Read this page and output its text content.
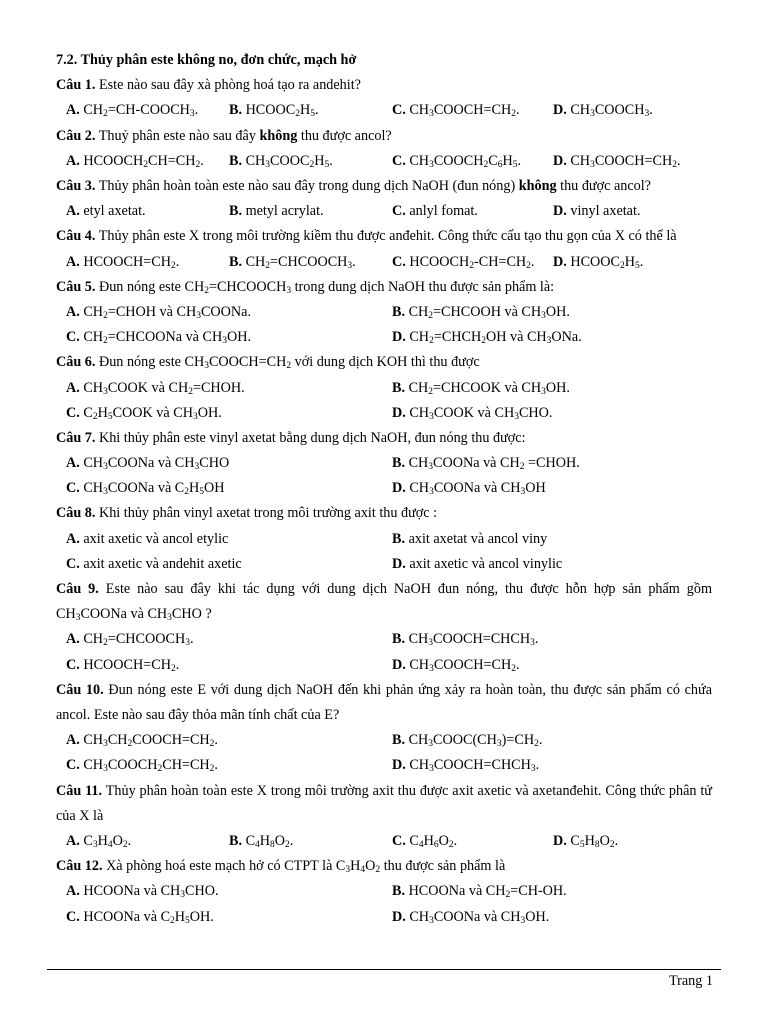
7.2. Thủy phân este không no, đơn chức, mạch hở
Câu 1. Este nào sau đây xà phòng hoá tạo ra andehit?
A. $CH_2=CH-COOCH_3$. B. $HCOOC_2H_5$.	C. $CH_3COOCH=CH_2$. D. $CH_3COOCH_3$.
Câu 2. Thuỷ phân este nào sau đây không thu được ancol?
A. $HCOOCH_2CH=CH_2$. B. $CH_3COOC_2H_5$.	C. $CH_3COOCH_2C_6H_5$. D. $CH_3COOCH=CH_2$.
Câu 3. Thủy phân hoàn toàn este nào sau đây trong dung dịch NaOH (đun nóng) không thu được ancol?
A. etyl axetat.	B. metyl acrylat.	C. anlyl fomat.	D. vinyl axetat.
Câu 4. Thủy phân este X trong môi trường kiềm thu được anđehit. Công thức cấu tạo thu gọn của X có thể là
A. $HCOOCH=CH_2$.	B. $CH_2=CHCOOCH_3$.	C. $HCOOCH_2-CH=CH_2$. D. $HCOOC_2H_5$.
Câu 5. Đun nóng este $CH_2=CHCOOCH_3$ trong dung dịch NaOH thu được sản phẩm là:
A. $CH_2=CHOH$ và $CH_3COONa$.	B. $CH_2=CHCOOH$ và $CH_3OH$.
C. $CH_2=CHCOONa$ và $CH_3OH$.	D. $CH_2=CHCH_2OH$ và $CH_3ONa$.
Câu 6. Đun nóng este $CH_3COOCH=CH_2$ với dung dịch KOH thì thu được
A. $CH_3COOK$ và $CH_2=CHOH$.	B. $CH_2=CHCOOK$ và $CH_3OH$.
C. $C_2H_5COOK$ và $CH_3OH$.	D. $CH_3COOK$ và $CH_3CHO$.
Câu 7. Khi thủy phân este vinyl axetat bằng dung dịch NaOH, đun nóng thu được:
A. $CH_3COONa$ và $CH_3CHO$	B. $CH_3COONa$ và $CH_2$ =CHOH.
C. $CH_3COONa$ và $C_2H_5OH$	D. $CH_3COONa$ và $CH_3OH$
Câu 8. Khi thủy phân vinyl axetat trong môi trường axit thu được :
A. axit axetic và ancol etylic	B. axit axetat và ancol viny
C. axit axetic và andehit axetic	D. axit axetic và ancol vinylic
Câu 9. Este nào sau đây khi tác dụng với dung dịch NaOH đun nóng, thu được hỗn hợp sản phẩm gồm $CH_3COONa$ và $CH_3CHO$ ?
A. $CH_2=CHCOOCH_3$.	B. $CH_3COOCH=CHCH_3$.
C. $HCOOCH=CH_2$.	D. $CH_3COOCH=CH_2$.
Câu 10. Đun nóng este E với dung dịch NaOH đến khi phản ứng xảy ra hoàn toàn, thu được sản phẩm có chứa ancol. Este nào sau đây thỏa mãn tính chất của E?
A. $CH_3CH_2COOCH=CH_2$.	B. $CH_3COOC(CH_3)=CH_2$.
C. $CH_3COOCH_2CH=CH_2$.	D. $CH_3COOCH=CHCH_3$.
Câu 11. Thủy phân hoàn toàn este X trong môi trường axit thu được axit axetic và axetanđehit. Công thức phân tử của X là
A. $C_3H_4O_2$.	B. $C_4H_8O_2$.	C. $C_4H_6O_2$.	D. $C_5H_8O_2$.
Câu 12. Xà phòng hoá este mạch hở có CTPT là $C_3H_4O_2$ thu được sản phẩm là
A. HCOONa và $CH_3CHO$.	B. HCOONa và $CH_2=CH-OH$.
C. HCOONa và $C_2H_5OH$.	D. $CH_3COONa$ và $CH_3OH$.
Trang 1
